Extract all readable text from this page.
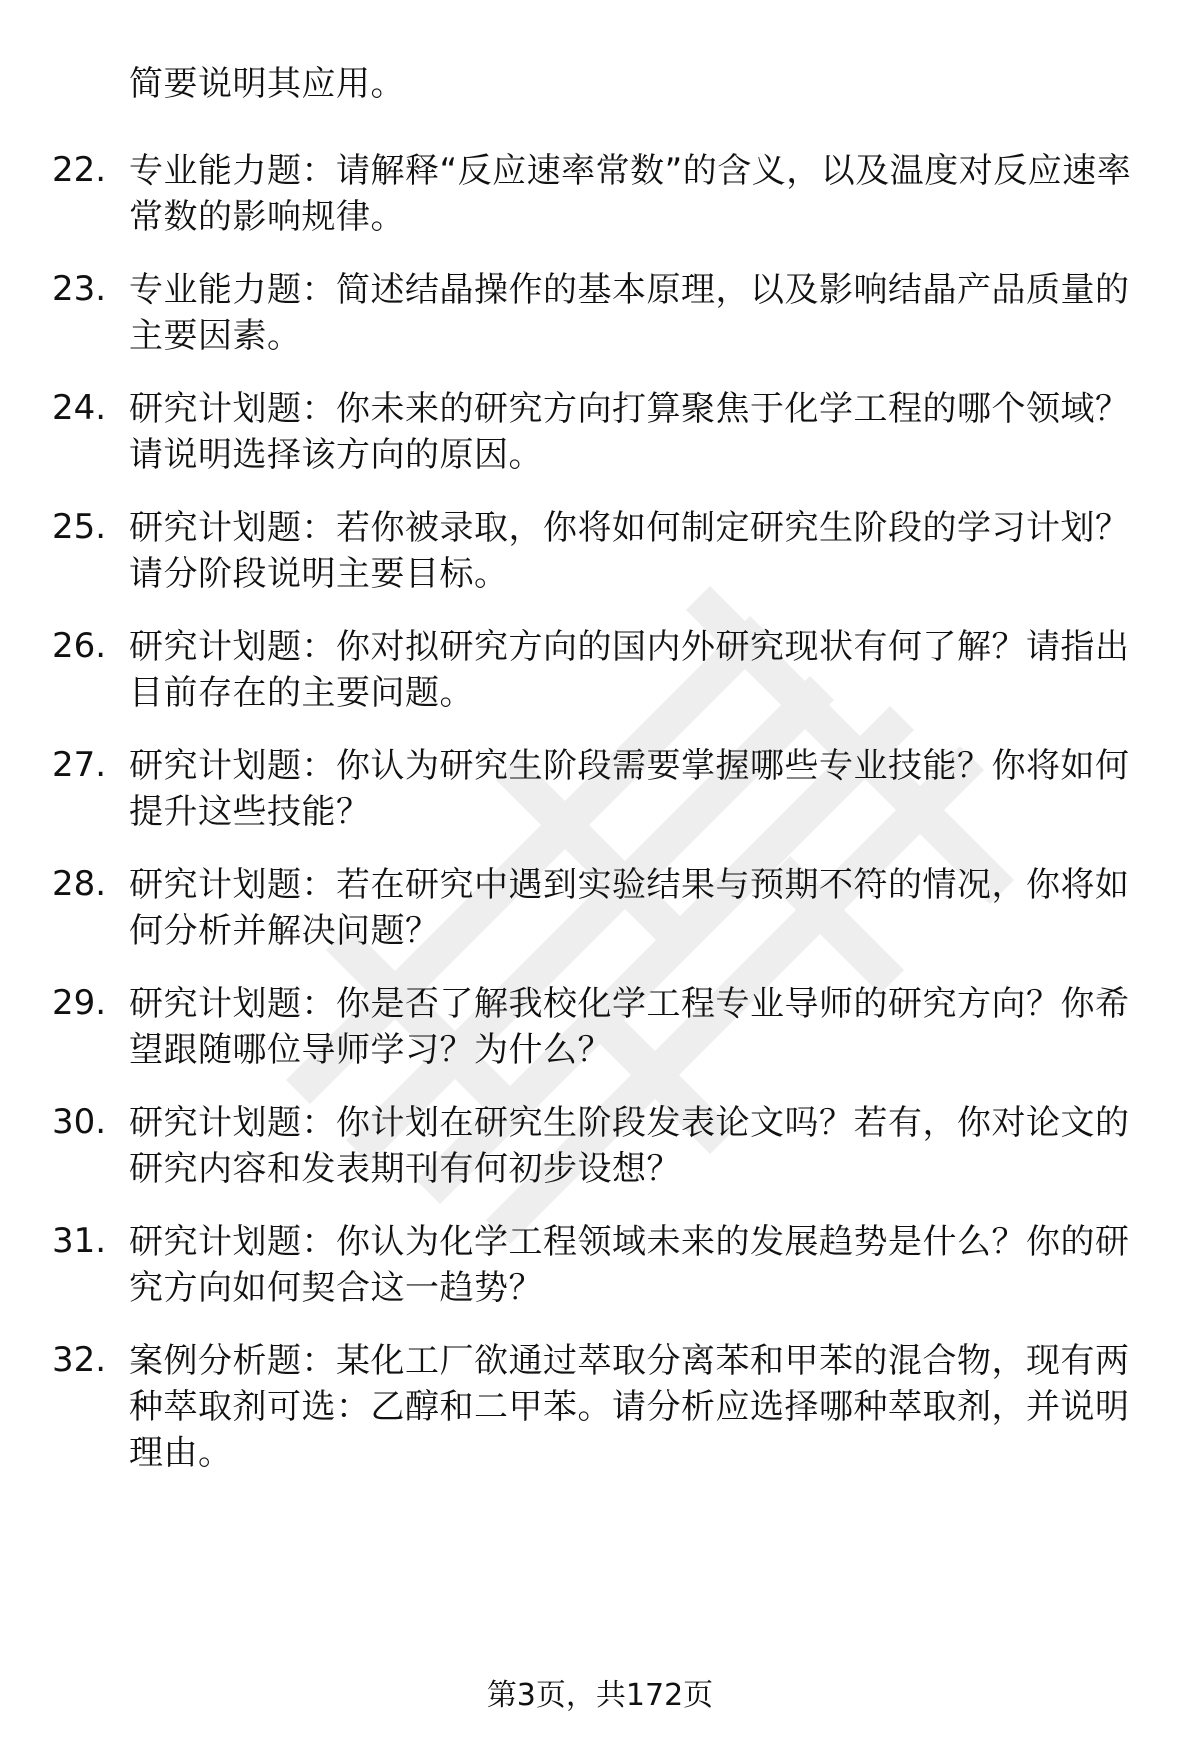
简要说明其应用。
22. 专业能力题：请解释“反应速率常数”的含义，以及温度对反应速率常数的影响规律。
23. 专业能力题：简述结晶操作的基本原理，以及影响结晶产品质量的主要因素。
24. 研究计划题：你未来的研究方向打算聚焦于化学工程的哪个领域？请说明选择该方向的原因。
25. 研究计划题：若你被录取，你将如何制定研究生阶段的学习计划？请分阶段说明主要目标。
26. 研究计划题：你对拟研究方向的国内外研究现状有何了解？请指出目前存在的主要问题。
27. 研究计划题：你认为研究生阶段需要掌握哪些专业技能？你将如何提升这些技能？
28. 研究计划题：若在研究中遇到实验结果与预期不符的情况，你将如何分析并解决问题？
29. 研究计划题：你是否了解我校化学工程专业导师的研究方向？你希望跟随哪位导师学习？为什么？
30. 研究计划题：你计划在研究生阶段发表论文吗？若有，你对论文的研究内容和发表期刊有何初步设想？
31. 研究计划题：你认为化学工程领域未来的发展趋势是什么？你的研究方向如何契合这一趋势？
32. 案例分析题：某化工厂欲通过萃取分离苯和甲苯的混合物，现有两种萃取剂可选：乙醇和二甲苯。请分析应选择哪种萃取剂，并说明理由。
第3页，共172页
